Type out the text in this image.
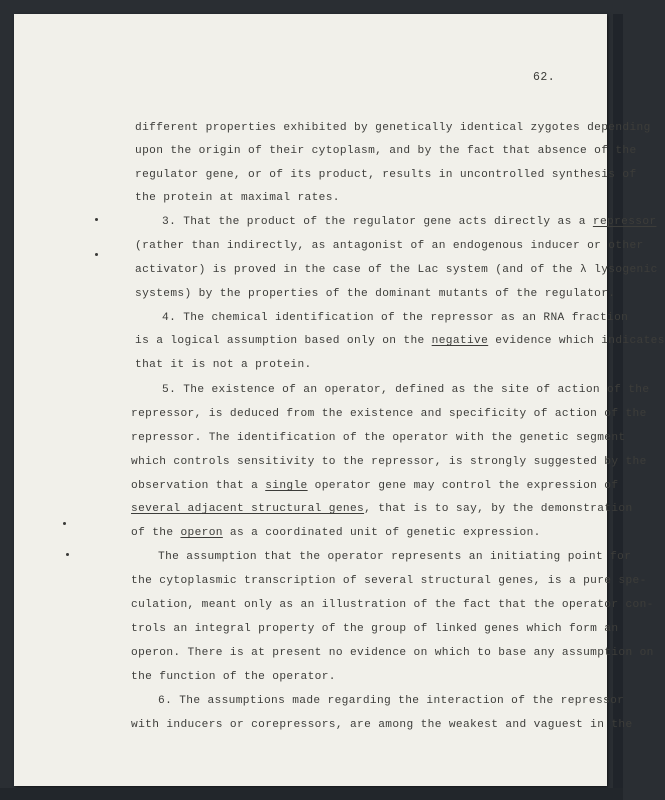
62.
different properties exhibited by genetically identical zygotes depending
upon the origin of their cytoplasm, and by the fact that absence of the
regulator gene, or of its product, results in uncontrolled synthesis of
the protein at maximal rates.
3. That the product of the regulator gene acts directly as a repressor
(rather than indirectly, as antagonist of an endogenous inducer or other
activator) is proved in the case of the Lac system (and of the λ lysogenic
systems) by the properties of the dominant mutants of the regulator.
4. The chemical identification of the repressor as an RNA fraction
is a logical assumption based only on the negative evidence which indicates
that it is not a protein.
5. The existence of an operator, defined as the site of action of the
repressor, is deduced from the existence and specificity of action of the
repressor. The identification of the operator with the genetic segment
which controls sensitivity to the repressor, is strongly suggested by the
observation that a single operator gene may control the expression of
several adjacent structural genes, that is to say, by the demonstration
of the operon as a coordinated unit of genetic expression.
The assumption that the operator represents an initiating point for
the cytoplasmic transcription of several structural genes, is a pure spe-
culation, meant only as an illustration of the fact that the operator con-
trols an integral property of the group of linked genes which form an
operon. There is at present no evidence on which to base any assumption on
the function of the operator.
6. The assumptions made regarding the interaction of the repressor
with inducers or corepressors, are among the weakest and vaguest in the
